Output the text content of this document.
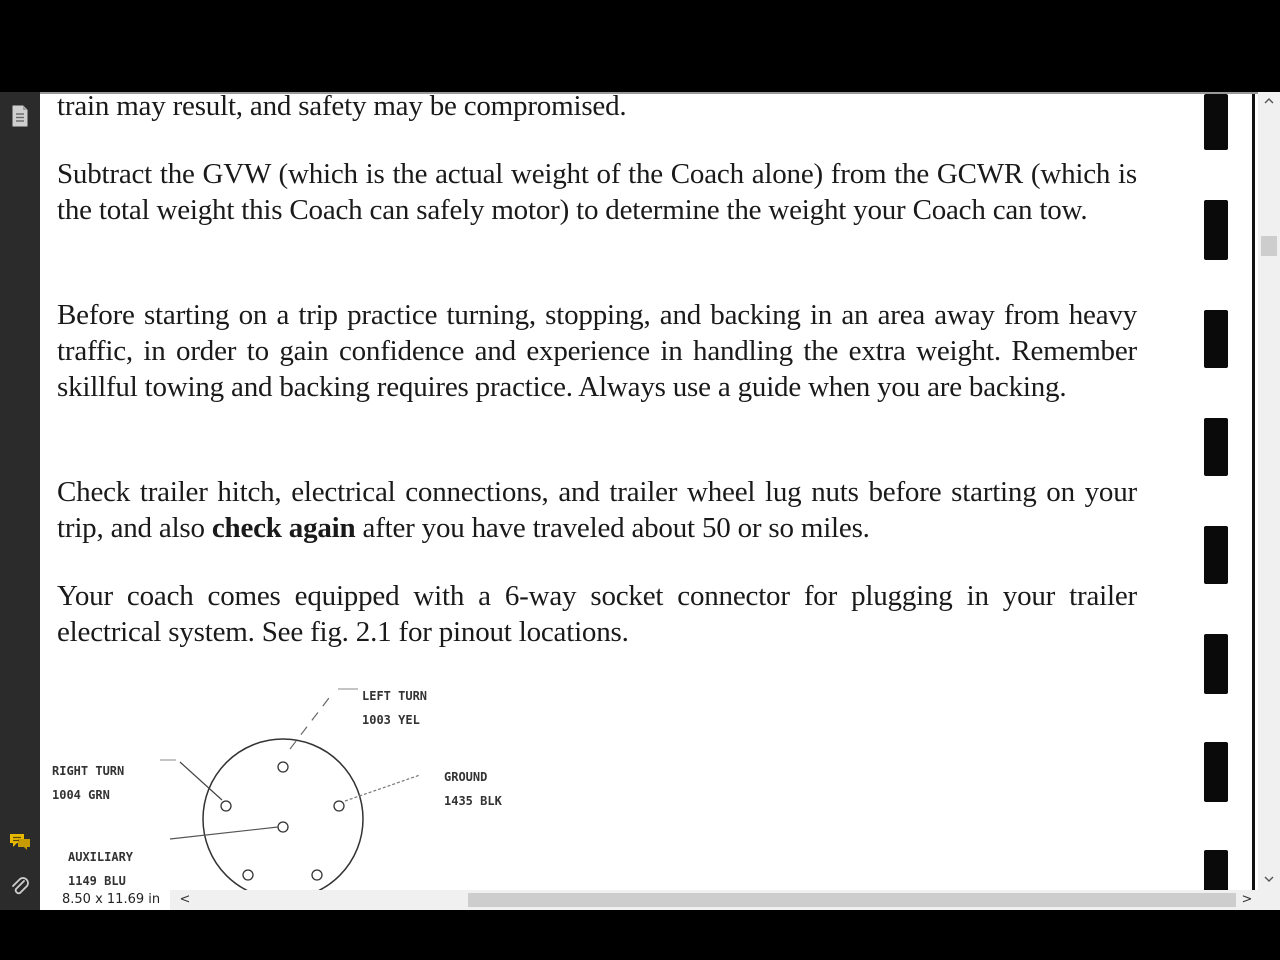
train may result, and safety may be compromised.
Subtract the GVW (which is the actual weight of the Coach alone) from the GCWR (which is the total weight this Coach can safely motor) to determine the weight your Coach can tow.
Before starting on a trip practice turning, stopping, and backing in an area away from heavy traffic, in order to gain confidence and experience in handling the extra weight. Remember skillful towing and backing requires practice. Always use a guide when you are backing.
Check trailer hitch, electrical connections, and trailer wheel lug nuts before starting on your trip, and also check again after you have traveled about 50 or so miles.
Your coach comes equipped with a 6-way socket connector for plugging in your trailer electrical system. See fig. 2.1 for pinout locations.
LEFT TURN
1003 YEL
RIGHT TURN
1004 GRN
GROUND
1435 BLK
AUXILIARY
1149 BLU
8.50 x 11.69 in	<	>
